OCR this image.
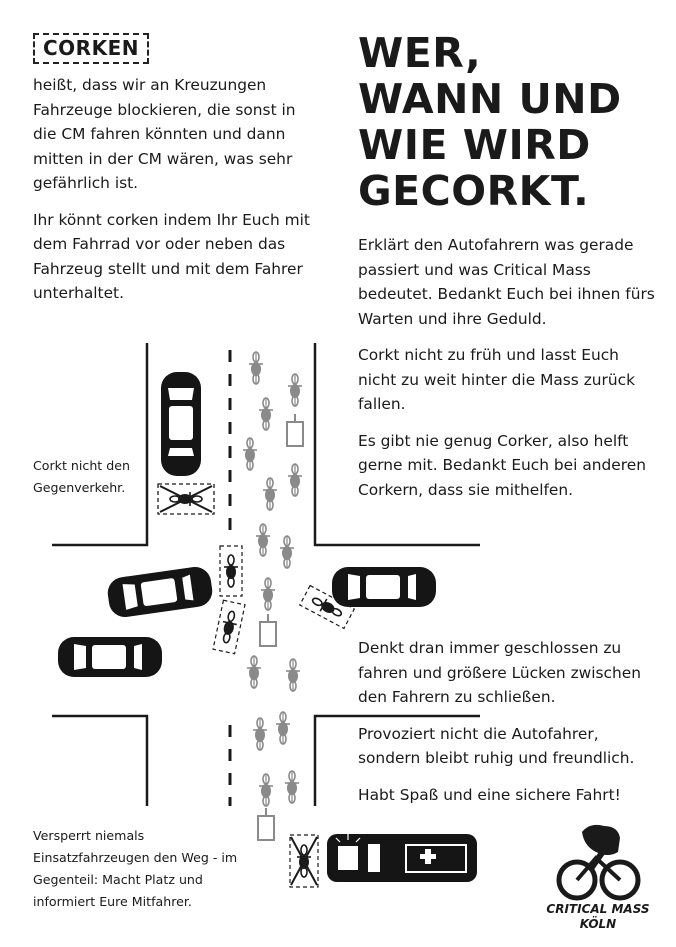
CORKEN

heißt, dass wir an Kreuzungen Fahrzeuge blockieren, die sonst in die CM fahren könnten und dann mitten in der CM wären, was sehr gefährlich ist.

Ihr könnt corken indem Ihr Euch mit dem Fahrrad vor oder neben das Fahrzeug stellt und mit dem Fahrer unterhaltet.

WER,
WANN UND
WIE WIRD
GECORKT.

Erklärt den Autofahrern was gerade passiert und was Critical Mass bedeutet. Bedankt Euch bei ihnen fürs Warten und ihre Geduld.

Corkt nicht zu früh und lasst Euch nicht zu weit hinter die Mass zurück fallen.

Es gibt nie genug Corker, also helft gerne mit. Bedankt Euch bei anderen Corkern, dass sie mithelfen.

Corkt nicht den Gegenverkehr.

Denkt dran immer geschlossen zu fahren und größere Lücken zwischen den Fahrern zu schließen.

Provoziert nicht die Autofahrer, sondern bleibt ruhig und freundlich.

Habt Spaß und eine sichere Fahrt!

Versperrt niemals Einsatzfahrzeugen den Weg - im Gegenteil: Macht Platz und informiert Eure Mitfahrer.	CRITICAL MASS
KÖLN
